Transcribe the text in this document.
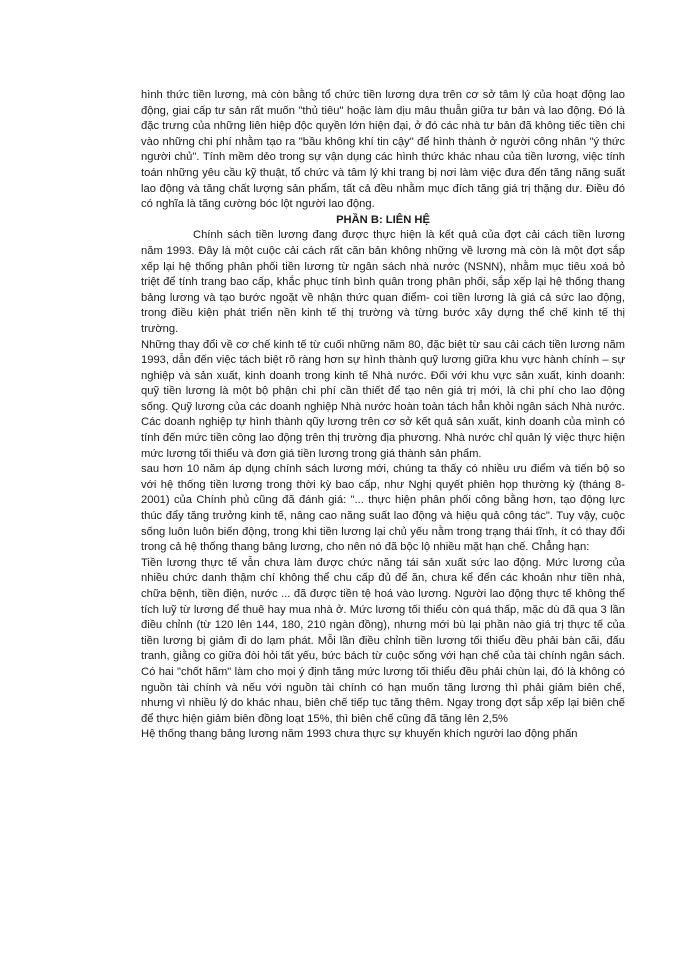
hình thức tiền lương, mà còn bằng tổ chức tiền lương dựa trên cơ sở tâm lý của hoạt động lao động, giai cấp tư sản rất muốn "thủ tiêu" hoặc làm dịu mâu thuẫn giữa tư bản và lao động. Đó là đặc trưng của những liên hiệp độc quyền lớn hiện đại, ở đó các nhà tư bản đã không tiếc tiền chi vào những chi phí nhằm tạo ra "bầu không khí tin cậy" để hình thành ở người công nhân "ý thức người chủ". Tính mềm dẻo trong sự vận dụng các hình thức khác nhau của tiền lương, việc tính toán những yêu cầu kỹ thuật, tổ chức và tâm lý khi trang bị nơi làm việc đưa đến tăng năng suất lao động và tăng chất lượng sản phẩm, tất cả đều nhằm mục đích tăng giá trị thặng dư. Điều đó có nghĩa là tăng cường bóc lột người lao động.

PHẦN B: LIÊN HỆ

Chính sách tiền lương đang được thực hiện là kết quả của đợt cải cách tiền lương năm 1993. Đây là một cuộc cải cách rất căn bản không những về lương mà còn là một đợt sắp xếp lại hệ thống phân phối tiền lương từ ngân sách nhà nước (NSNN), nhằm mục tiêu xoá bỏ triệt để tính trang bao cấp, khắc phục tính bình quân trong phân phối, sắp xếp lại hệ thống thang bảng lương và tạo bước ngoặt về nhận thức quan điểm- coi tiền lương là giá cả sức lao động, trong điều kiện phát triển nền kinh tế thị trường và từng bước xây dựng thể chế kinh tế thị trường.

Những thay đổi về cơ chế kinh tế từ cuối những năm 80, đặc biệt từ sau cải cách tiền lương năm 1993, dẫn đến việc tách biệt rõ ràng hơn sự hình thành quỹ lương giữa khu vực hành chính – sự nghiệp và sản xuất, kinh doanh trong kinh tế Nhà nước. Đối với khu vực sản xuất, kinh doanh: quỹ tiền lương là một bộ phận chi phí cần thiết để tạo nên giá trị mới, là chi phí cho lao động sống. Quỹ lương của các doanh nghiệp Nhà nước hoàn toàn tách hẳn khỏi ngân sách Nhà nước. Các doanh nghiệp tự hình thành qũy lương trên cơ sở kết quả sản xuất, kinh doanh của mình có tính đến mức tiền công lao động trên thị trường địa phương. Nhà nước chỉ quản lý việc thực hiện mức lương tối thiểu và đơn giá tiền lương trong giá thành sản phẩm.

sau hơn 10 năm áp dụng chính sách lương mới, chúng ta thấy có nhiều ưu điểm và tiến bộ so với hệ thống tiền lương trong thời kỳ bao cấp, như Nghị quyết phiên họp thường kỳ (tháng 8-2001) của Chính phủ cũng đã đánh giá: "... thực hiện phân phối công bằng hơn, tạo động lực thúc đẩy tăng trưởng kinh tế, nâng cao năng suất lao động và hiệu quả công tác". Tuy vậy, cuộc sống luôn luôn biến động, trong khi tiền lương lại chủ yếu nằm trong trạng thái tĩnh, ít có thay đổi trong cả hệ thống thang bảng lương, cho nên nó đã bộc lộ nhiều mặt hạn chế. Chẳng hạn:

Tiền lương thực tế vẫn chưa làm được chức năng tái sản xuất sức lao động. Mức lương của nhiều chức danh thậm chí không thể chu cấp đủ để ăn, chưa kể đến các khoản như tiền nhà, chữa bệnh, tiền điện, nước ... đã được tiền tệ hoá vào lương. Người lao động thực tế không thể tích luỹ từ lương để thuê hay mua nhà ở. Mức lương tối thiểu còn quá thấp, mặc dù đã qua 3 lần điều chỉnh (từ 120 lên 144, 180, 210 ngàn đồng), nhưng mới bù lại phần nào giá trị thực tế của tiền lương bị giảm đi do lạm phát. Mỗi lần điều chỉnh tiền lương tối thiểu đều phải bàn cãi, đấu tranh, giằng co giữa đòi hỏi tất yếu, bức bách từ cuộc sống với hạn chế của tài chính ngân sách. Có hai "chốt hãm" làm cho mọi ý định tăng mức lương tối thiểu đều phải chùn lại, đó là không có nguồn tài chính và nếu với nguồn tài chính có hạn muốn tăng lương thì phải giảm biên chế, nhưng vì nhiều lý do khác nhau, biên chế tiếp tục tăng thêm. Ngay trong đợt sắp xếp lại biên chế để thực hiện giảm biên đồng loạt 15%, thì biên chế cũng đã tăng lên 2,5%

Hệ thống thang bảng lương năm 1993 chưa thực sự khuyến khích người lao động phấn
